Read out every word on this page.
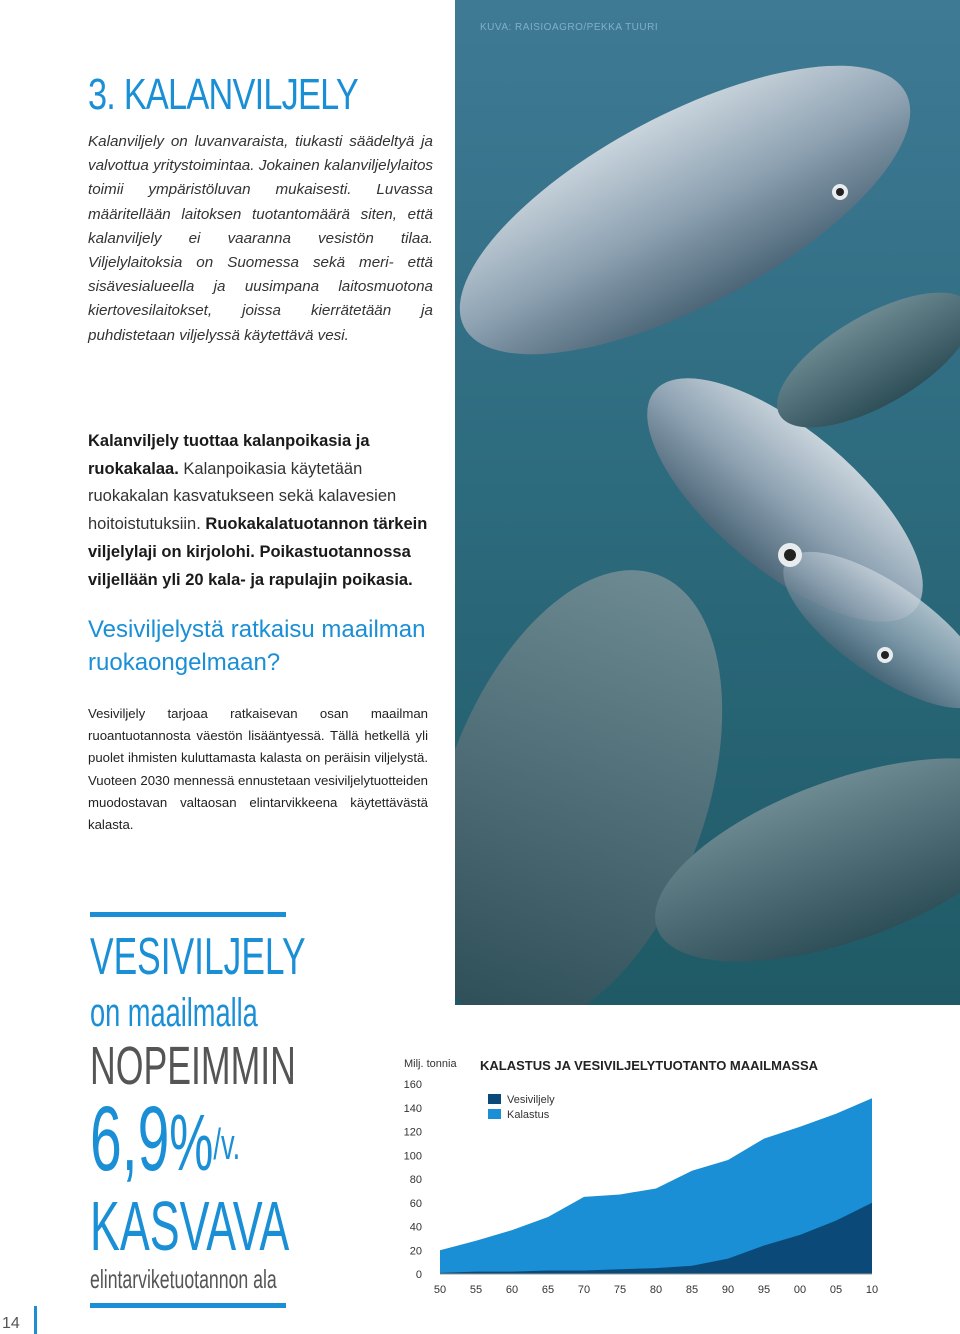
KUVA: RAISIOAGRO/PEKKA TUURI
3. KALANVILJELY
Kalanviljely on luvanvaraista, tiukasti säädeltyä ja valvottua yritystoimintaa. Jokainen kalanviljelylaitos toimii ympäristöluvan mukaisesti. Luvassa määritellään laitoksen tuotantomäärä siten, että kalanviljely ei vaaranna vesistön tilaa. Viljelylaitoksia on Suomessa sekä meri- että sisävesialueella ja uusimpana laitosmuotona kiertovesilaitokset, joissa kierrätetään ja puhdistetaan viljelyssä käytettävä vesi.
Kalanviljely tuottaa kalanpoikasia ja ruokakalaa. Kalanpoikasia käytetään ruokakalan kasvatukseen sekä kalavesien hoitoistutuksiin. Ruokakalatuotannon tärkein viljelylaji on kirjolohi. Poikastuotannossa viljellään yli 20 kala- ja rapulajin poikasia.
Vesiviljelystä ratkaisu maailman ruokaongelmaan?
Vesiviljely tarjoaa ratkaisevan osan maailman ruoantuotannosta väestön lisääntyessä. Tällä hetkellä yli puolet ihmisten kuluttamasta kalasta on peräisin viljelystä. Vuoteen 2030 mennessä ennustetaan vesiviljelytuotteiden muodostavan valtaosan elintarvikkeena käytettävästä kalasta.
VESIVILJELY
on maailmalla
NOPEIMMIN
6,9%$^{/v.}$
KASVAVA
elintarviketuotannon ala
Milj. tonnia KALASTUS JA VESIVILJELYTUOTANTO MAAILMASSA
0
20
40
60
80
100
120
140
160
50 55 60 65 70 75 80 85 90 95 00 05 10
Vesiviljely
Kalastus
14
